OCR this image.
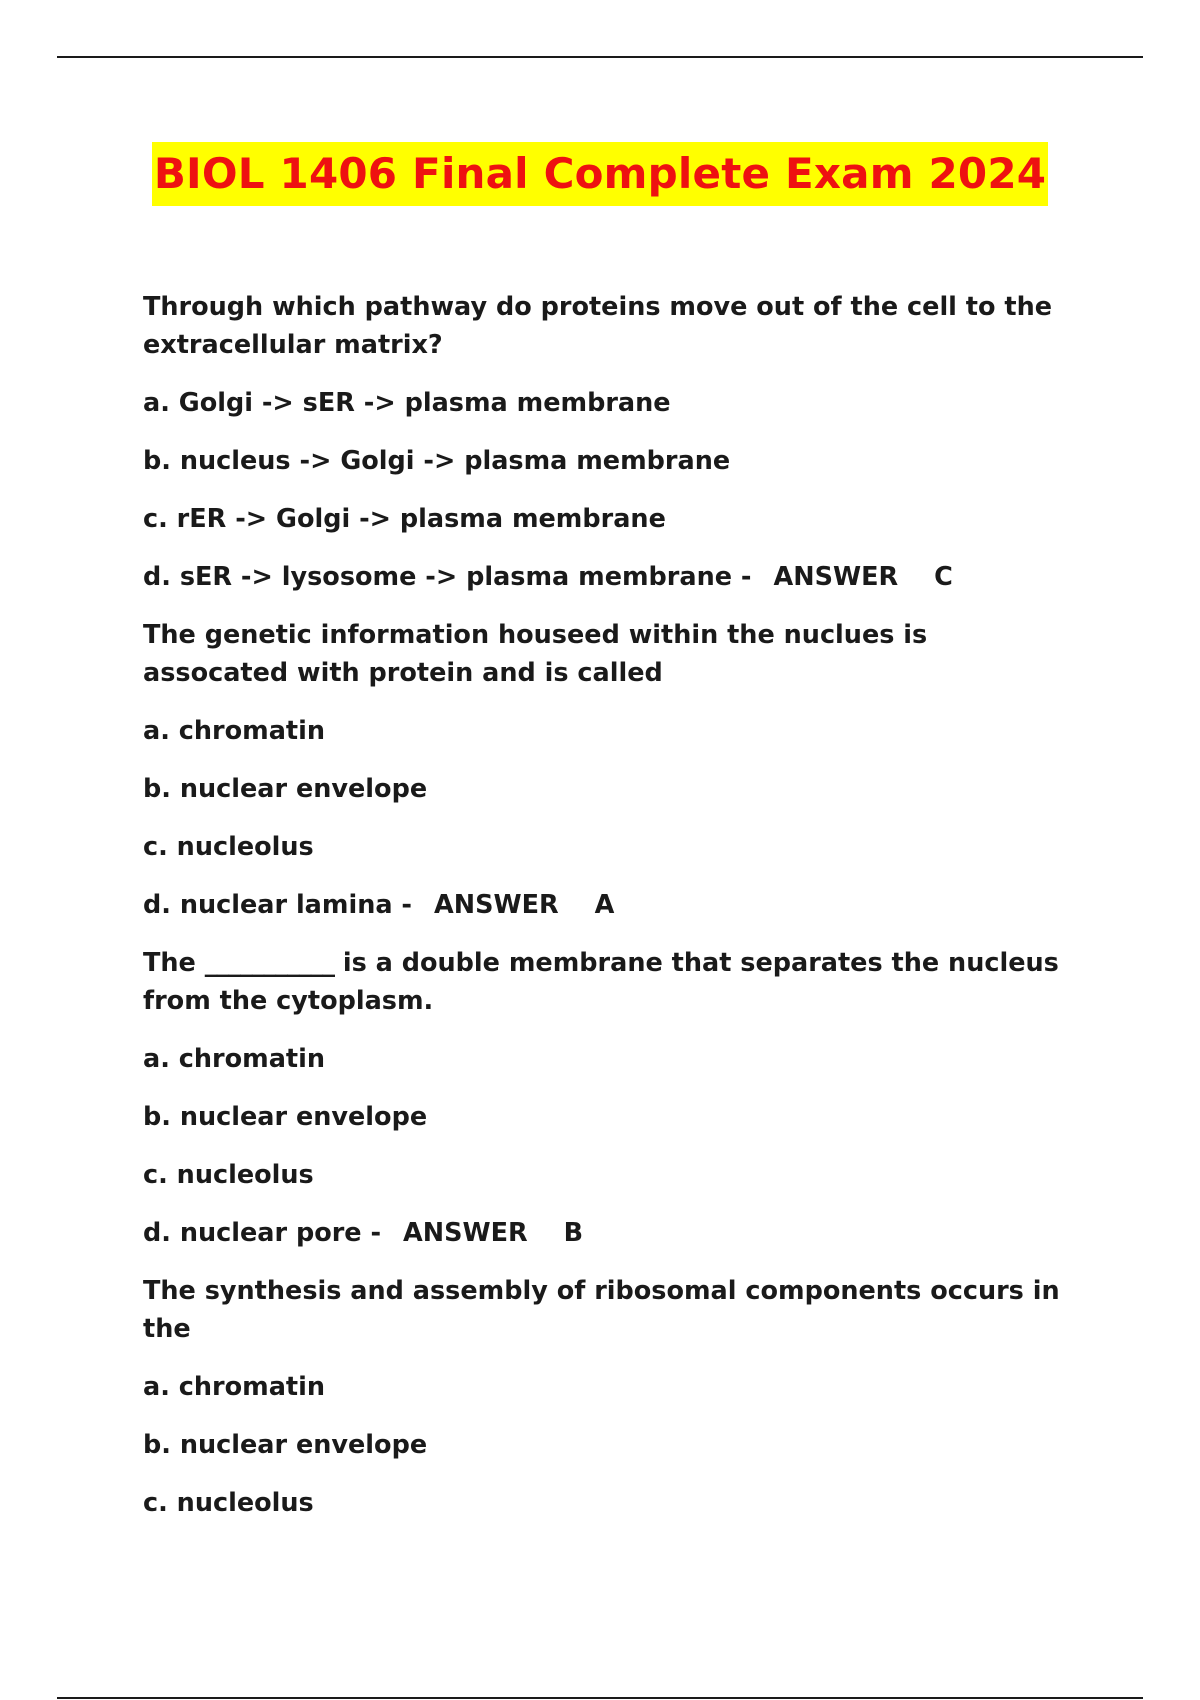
BIOL 1406 Final Complete Exam 2024

Through which pathway do proteins move out of the cell to the extracellular matrix?

a. Golgi -> sER -> plasma membrane

b. nucleus -> Golgi -> plasma membrane

c. rER -> Golgi -> plasma membrane

d. sER -> lysosome -> plasma membrane - ANSWER C

The genetic information houseed within the nuclues is assocated with protein and is called

a. chromatin

b. nuclear envelope

c. nucleolus

d. nuclear lamina - ANSWER A

The ___________ is a double membrane that separates the nucleus from the cytoplasm.

a. chromatin

b. nuclear envelope

c. nucleolus

d. nuclear pore - ANSWER B

The synthesis and assembly of ribosomal components occurs in the

a. chromatin

b. nuclear envelope

c. nucleolus
